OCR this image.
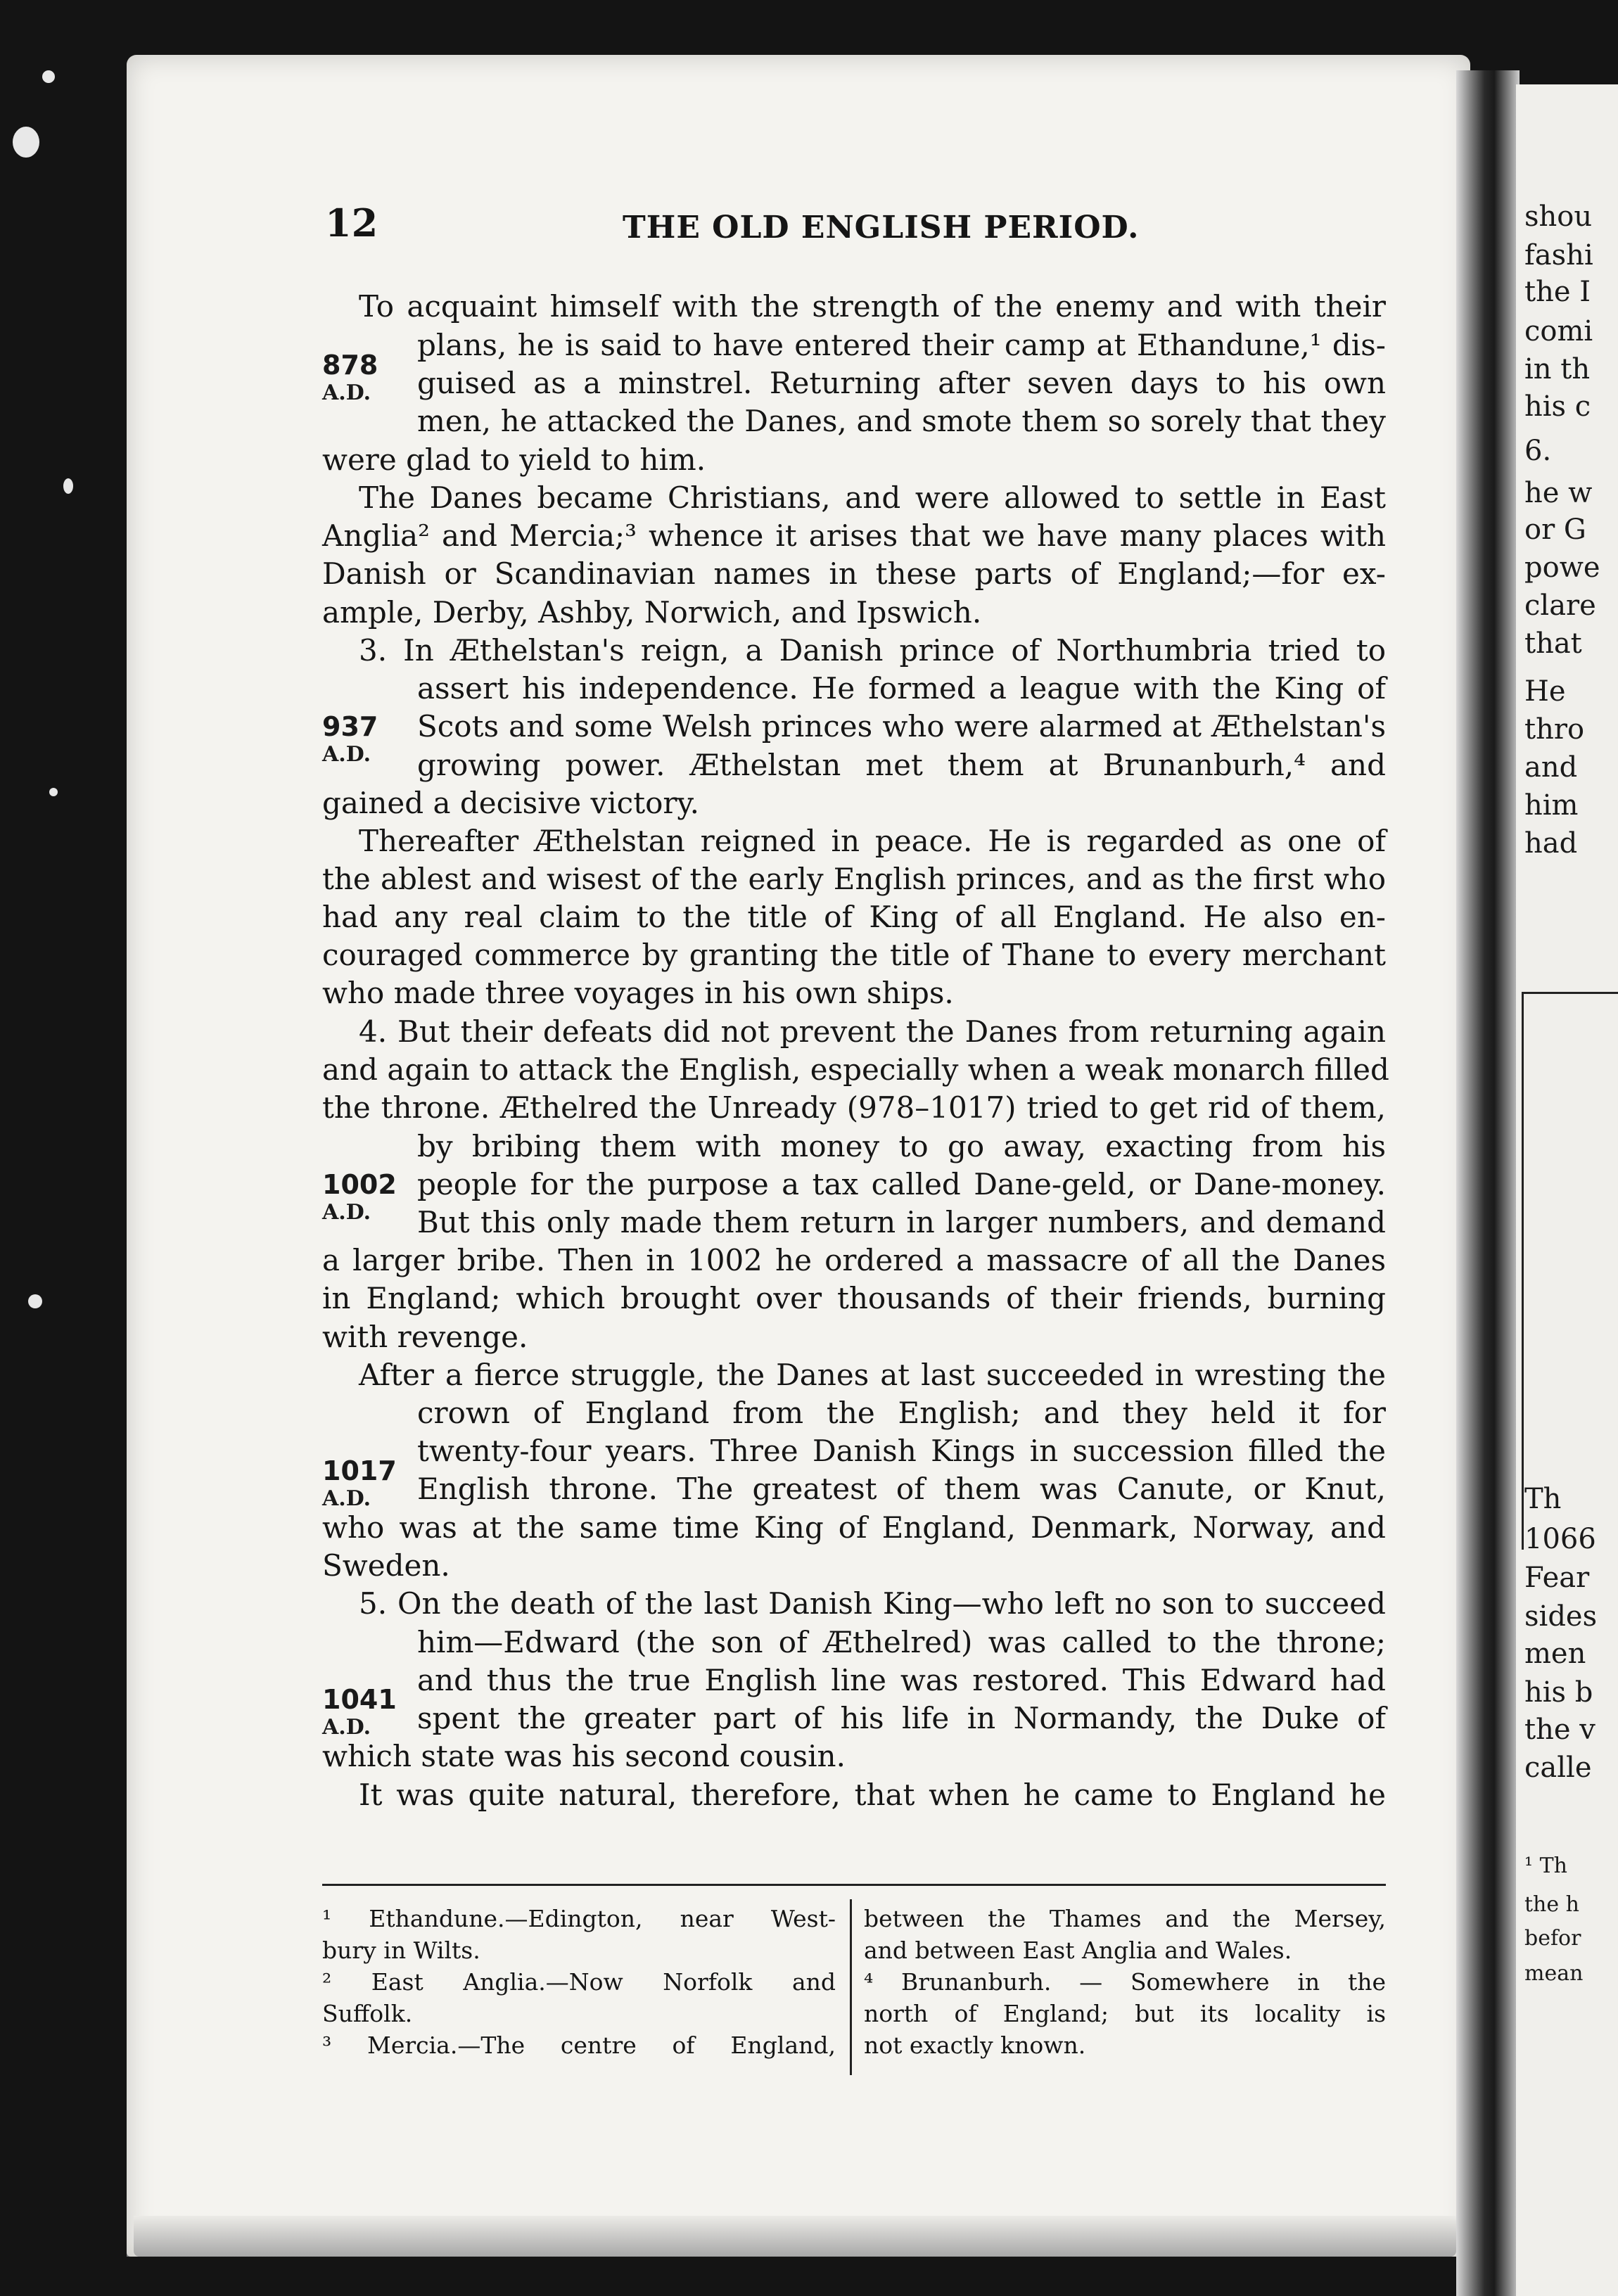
shou
fashi
the I
comi
in th
his c
6.
he w
or G
powe
clare
that
He
thro
and
him
had
Th
1066
Fear
sides
men
his b
the v
calle
¹ Th
the h
befor
mean
12	THE OLD ENGLISH PERIOD.
To acquaint himself with the strength of the enemy and with their
plans, he is said to have entered their camp at Ethandune,¹ dis-
guised as a minstrel. Returning after seven days to his own
men, he attacked the Danes, and smote them so sorely that they
were glad to yield to him.
The Danes became Christians, and were allowed to settle in East
Anglia² and Mercia;³ whence it arises that we have many places with
Danish or Scandinavian names in these parts of England;—for ex-
ample, Derby, Ashby, Norwich, and Ipswich.
3. In Æthelstan's reign, a Danish prince of Northumbria tried to
assert his independence. He formed a league with the King of
Scots and some Welsh princes who were alarmed at Æthelstan's
growing power. Æthelstan met them at Brunanburh,⁴ and
gained a decisive victory.
Thereafter Æthelstan reigned in peace. He is regarded as one of
the ablest and wisest of the early English princes, and as the first who
had any real claim to the title of King of all England. He also en-
couraged commerce by granting the title of Thane to every merchant
who made three voyages in his own ships.
4. But their defeats did not prevent the Danes from returning again
and again to attack the English, especially when a weak monarch filled
the throne. Æthelred the Unready (978–1017) tried to get rid of them,
by bribing them with money to go away, exacting from his
people for the purpose a tax called Dane-geld, or Dane-money.
But this only made them return in larger numbers, and demand
a larger bribe. Then in 1002 he ordered a massacre of all the Danes
in England; which brought over thousands of their friends, burning
with revenge.
After a fierce struggle, the Danes at last succeeded in wresting the
crown of England from the English; and they held it for
twenty-four years. Three Danish Kings in succession filled the
English throne. The greatest of them was Canute, or Knut,
who was at the same time King of England, Denmark, Norway, and
Sweden.
5. On the death of the last Danish King—who left no son to succeed
him—Edward (the son of Æthelred) was called to the throne;
and thus the true English line was restored. This Edward had
spent the greater part of his life in Normandy, the Duke of
which state was his second cousin.
It was quite natural, therefore, that when he came to England he
878
A.D.
937
A.D.
1002
A.D.
1017
A.D.
1041
A.D.
¹ Ethandune.—Edington, near West-
bury in Wilts.
² East Anglia.—Now Norfolk and
Suffolk.
³ Mercia.—The centre of England,
between the Thames and the Mersey,
and between East Anglia and Wales.
⁴ Brunanburh. — Somewhere in the
north of England; but its locality is
not exactly known.
